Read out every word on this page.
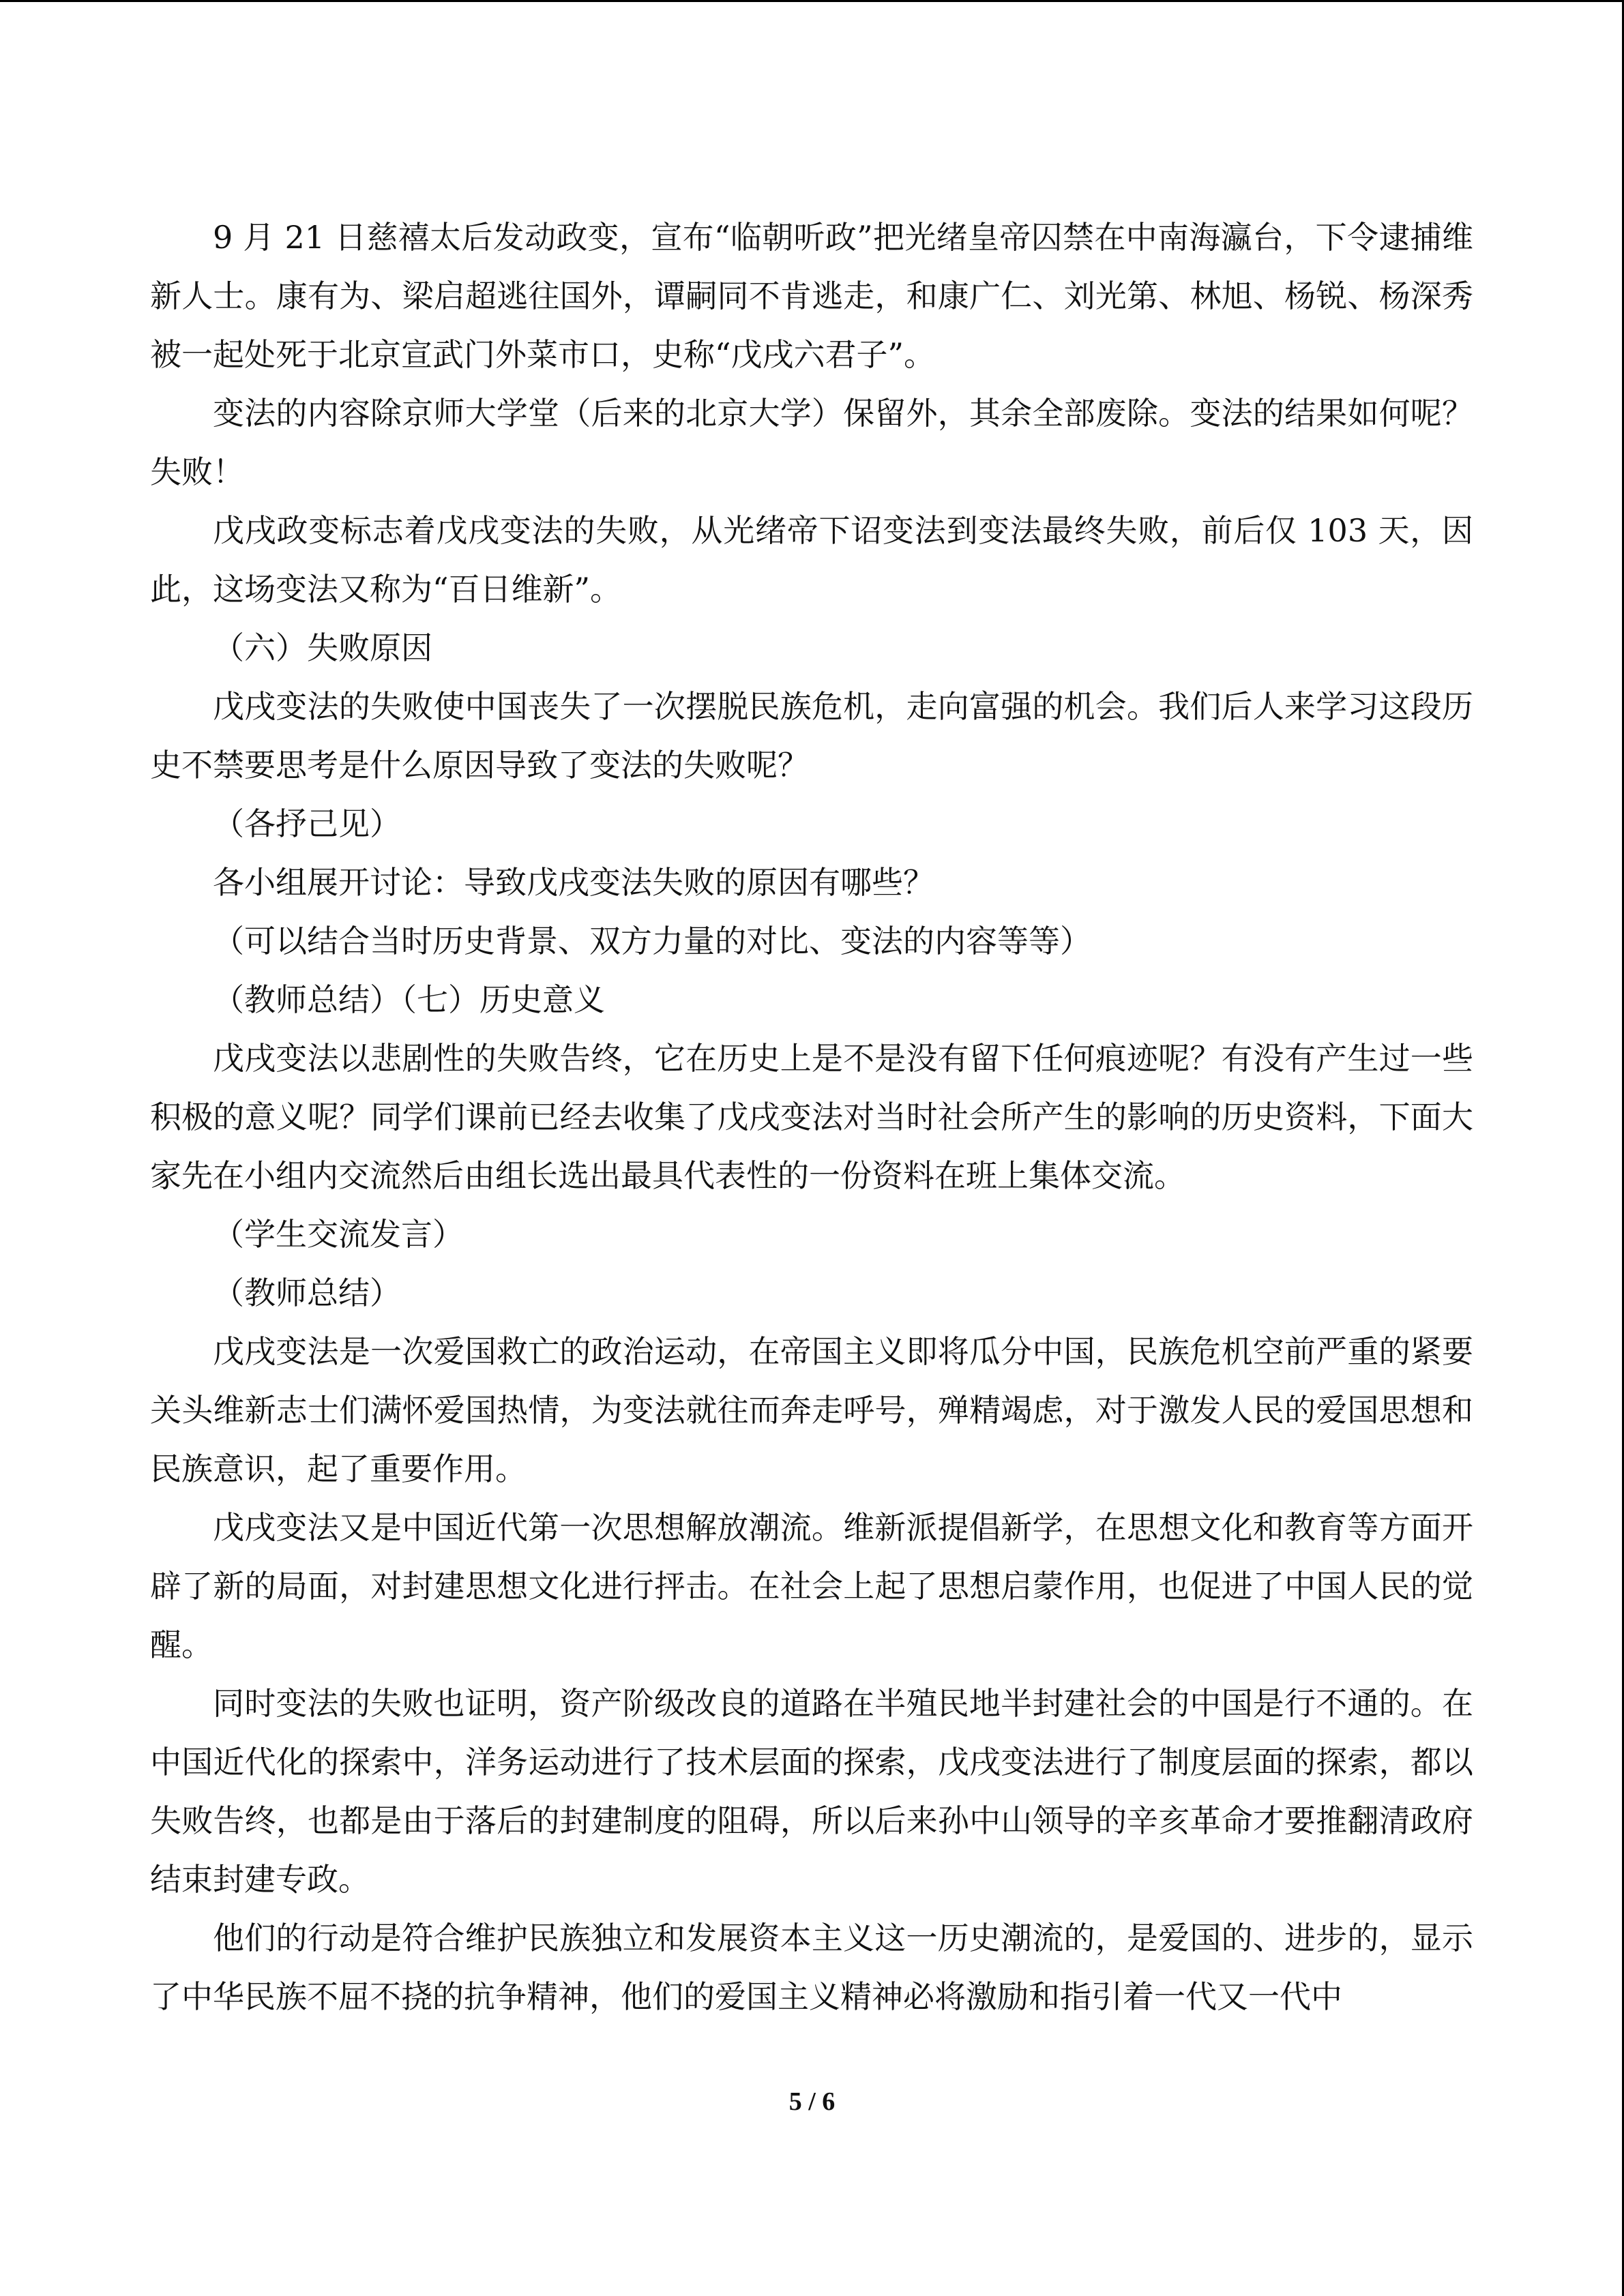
9 月 21 日慈禧太后发动政变，宣布“临朝听政”把光绪皇帝囚禁在中南海瀛台，下令逮捕维新人士。康有为、梁启超逃往国外，谭嗣同不肯逃走，和康广仁、刘光第、林旭、杨锐、杨深秀被一起处死于北京宣武门外菜市口，史称“戊戌六君子”。

变法的内容除京师大学堂（后来的北京大学）保留外，其余全部废除。变法的结果如何呢？失败！

戊戌政变标志着戊戌变法的失败，从光绪帝下诏变法到变法最终失败，前后仅 103 天，因此，这场变法又称为“百日维新”。

（六）失败原因

戊戌变法的失败使中国丧失了一次摆脱民族危机，走向富强的机会。我们后人来学习这段历史不禁要思考是什么原因导致了变法的失败呢？

（各抒己见）

各小组展开讨论：导致戊戌变法失败的原因有哪些？

（可以结合当时历史背景、双方力量的对比、变法的内容等等）

（教师总结）（七）历史意义

戊戌变法以悲剧性的失败告终，它在历史上是不是没有留下任何痕迹呢？有没有产生过一些积极的意义呢？同学们课前已经去收集了戊戌变法对当时社会所产生的影响的历史资料，下面大家先在小组内交流然后由组长选出最具代表性的一份资料在班上集体交流。

（学生交流发言）

（教师总结）

戊戌变法是一次爱国救亡的政治运动，在帝国主义即将瓜分中国，民族危机空前严重的紧要关头维新志士们满怀爱国热情，为变法就往而奔走呼号，殚精竭虑，对于激发人民的爱国思想和民族意识，起了重要作用。

戊戌变法又是中国近代第一次思想解放潮流。维新派提倡新学，在思想文化和教育等方面开辟了新的局面，对封建思想文化进行抨击。在社会上起了思想启蒙作用，也促进了中国人民的觉醒。

同时变法的失败也证明，资产阶级改良的道路在半殖民地半封建社会的中国是行不通的。在中国近代化的探索中，洋务运动进行了技术层面的探索，戊戌变法进行了制度层面的探索，都以失败告终，也都是由于落后的封建制度的阻碍，所以后来孙中山领导的辛亥革命才要推翻清政府结束封建专政。

他们的行动是符合维护民族独立和发展资本主义这一历史潮流的，是爱国的、进步的，显示了中华民族不屈不挠的抗争精神，他们的爱国主义精神必将激励和指引着一代又一代中

5 / 6
